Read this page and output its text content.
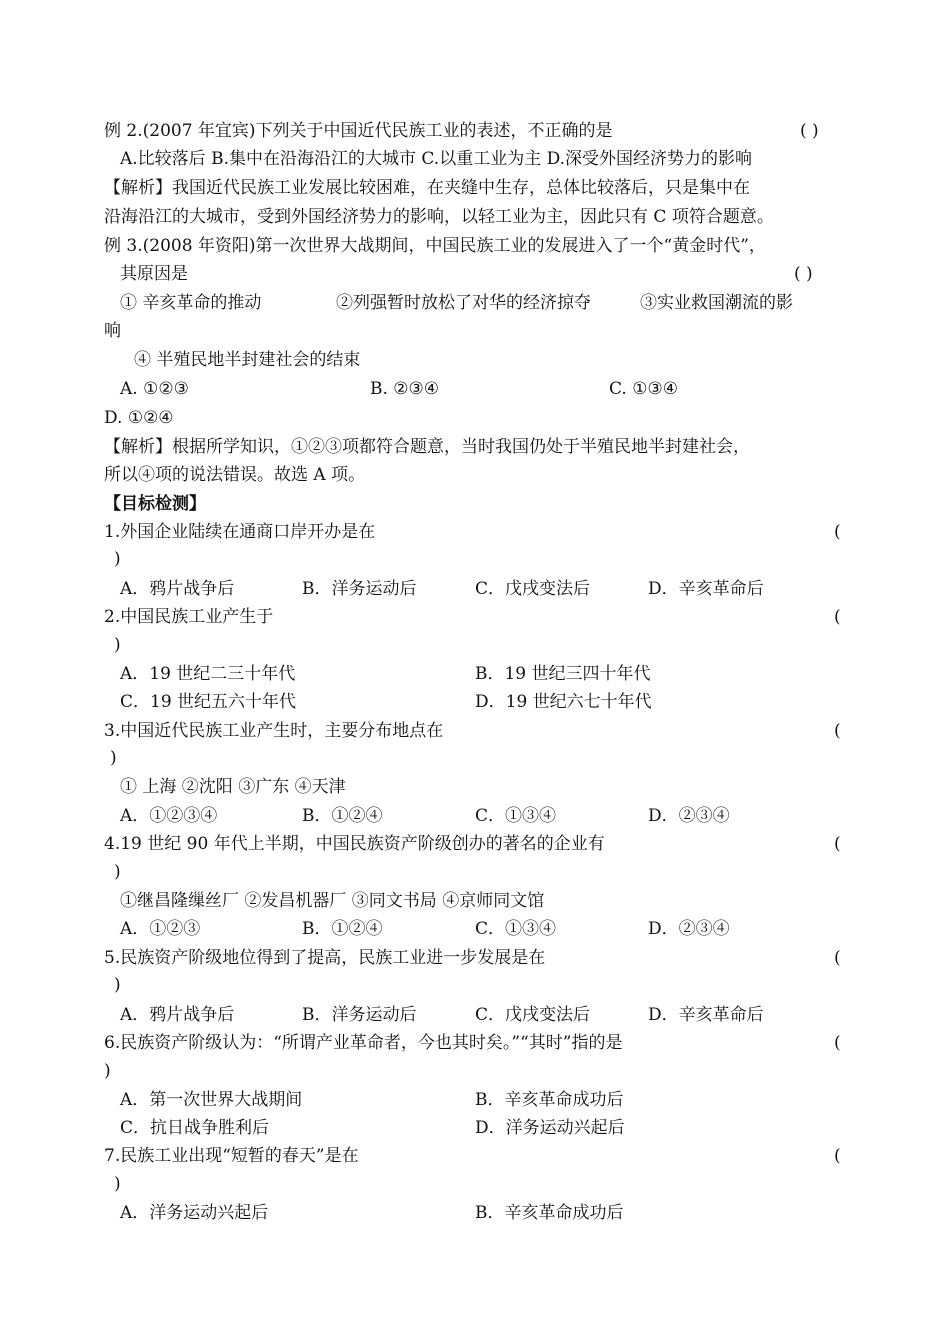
例 2.(2007 年宜宾)下列关于中国近代民族工业的表述，不正确的是	( )
A.比较落后 B.集中在沿海沿江的大城市 C.以重工业为主 D.深受外国经济势力的影响
【解析】我国近代民族工业发展比较困难，在夹缝中生存，总体比较落后，只是集中在
沿海沿江的大城市，受到外国经济势力的影响，以轻工业为主，因此只有 C 项符合题意。
例 3.(2008 年资阳)第一次世界大战期间，中国民族工业的发展进入了一个“黄金时代”，
其原因是	( )
① 辛亥革命的推动	②列强暂时放松了对华的经济掠夺	③实业救国潮流的影
响
④ 半殖民地半封建社会的结束
A. ①②③	B. ②③④	C. ①③④
D. ①②④
【解析】根据所学知识，①②③项都符合题意，当时我国仍处于半殖民地半封建社会，
所以④项的说法错误。故选 A 项。
【目标检测】
1.外国企业陆续在通商口岸开办是在	(
)
A．鸦片战争后	B．洋务运动后	C．戊戌变法后	D．辛亥革命后
2.中国民族工业产生于	(
)
A．19 世纪二三十年代	B．19 世纪三四十年代
C．19 世纪五六十年代	D．19 世纪六七十年代
3.中国近代民族工业产生时，主要分布地点在	(
)
① 上海 ②沈阳 ③广东 ④天津
A．①②③④	B．①②④	C．①③④	D．②③④
4.19 世纪 90 年代上半期，中国民族资产阶级创办的著名的企业有	(
)
①继昌隆缫丝厂 ②发昌机器厂 ③同文书局 ④京师同文馆
A．①②③	B．①②④	C．①③④	D．②③④
5.民族资产阶级地位得到了提高，民族工业进一步发展是在	(
)
A．鸦片战争后	B．洋务运动后	C．戊戌变法后	D．辛亥革命后
6.民族资产阶级认为：“所谓产业革命者，今也其时矣。”“其时”指的是	(
)
A．第一次世界大战期间	B．辛亥革命成功后
C．抗日战争胜利后	D．洋务运动兴起后
7.民族工业出现“短暂的春天”是在	(
)
A．洋务运动兴起后	B．辛亥革命成功后
